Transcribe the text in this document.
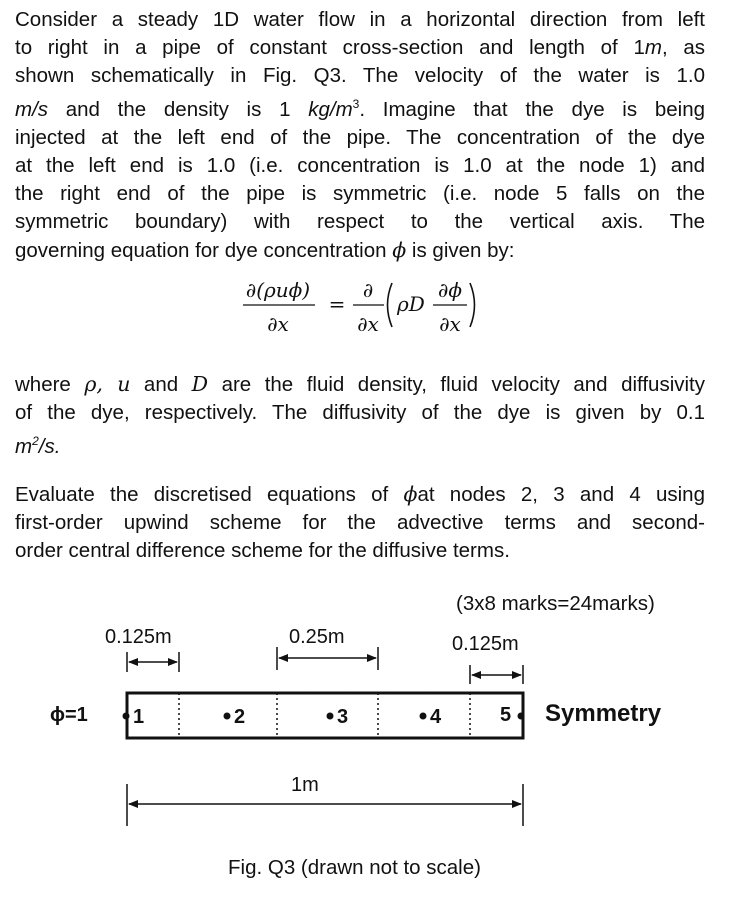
Consider a steady 1D water flow in a horizontal direction from left
to right in a pipe of constant cross-section and length of 1m, as
shown schematically in Fig. Q3. The velocity of the water is 1.0
m/s and the density is 1 $kg/m^3$. Imagine that the dye is being
injected at the left end of the pipe. The concentration of the dye
at the left end is 1.0 (i.e. concentration is 1.0 at the node 1) and
the right end of the pipe is symmetric (i.e. node 5 falls on the
symmetric boundary) with respect to the vertical axis. The
governing equation for dye concentration ϕ is given by:
∂(ρuϕ)
∂x
=
∂
∂x
ρD
∂ϕ
∂x
where ρ, u and D are the fluid density, fluid velocity and diffusivity
of the dye, respectively. The diffusivity of the dye is given by 0.1
$m^2/s$.
Evaluate the discretised equations of ϕat nodes 2, 3 and 4 using
first-order upwind scheme for the advective terms and second-
order central difference scheme for the diffusive terms.
(3x8 marks=24marks)
0.125m	0.25m	0.125m
1	2	3	4	5
ϕ=1	Symmetry
1m
Fig. Q3 (drawn not to scale)
